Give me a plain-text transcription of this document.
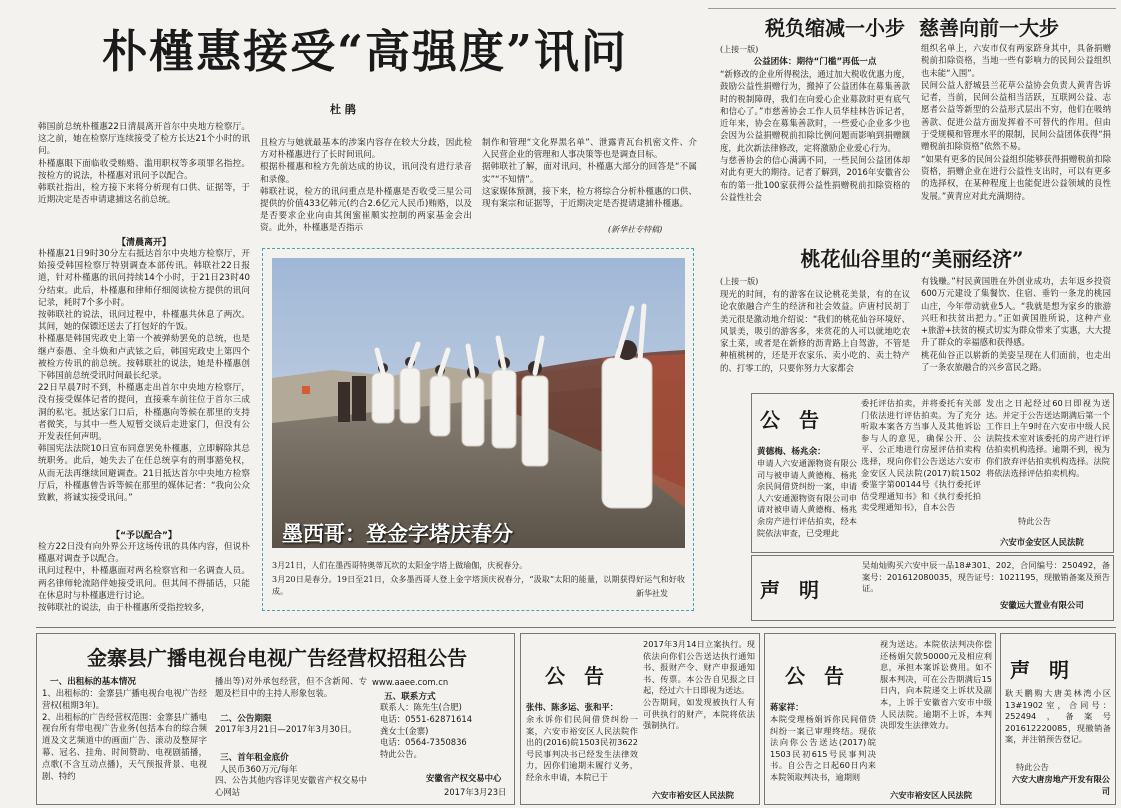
朴槿惠接受“高强度”讯问
杜 鹃
韩国前总统朴槿惠22日清晨离开首尔中央地方检察厅。这之前，她在检察厅连续接受了检方长达21个小时的讯问。
朴槿惠眼下面临收受贿赂、滥用职权等多项罪名指控。按检方的说法，朴槿惠对讯问予以配合。
韩联社指出，检方接下来将分析现有口供、证据等，于近期决定是否申请逮捕这名前总统。
【清晨离开】
朴槿惠21日9时30分左右抵达首尔中央地方检察厅，开始接受韩国检察厅特别调查本部传讯。韩联社22日报道，针对朴槿惠的讯问持续14个小时，于21日23时40分结束。此后，朴槿惠和律师仔细阅读检方提供的讯问记录，耗时7个多小时。
按韩联社的说法，讯问过程中，朴槿惠共休息了两次。其间，她的保镖还送去了打包好的午饭。
朴槿惠是韩国宪政史上第一个被弹劾罢免的总统，也是继卢泰愚、全斗焕和卢武铉之后，韩国宪政史上第四个被检方传讯的前总统。按韩联社的说法，她是朴槿惠创下韩国前总统受讯时间最长纪录。
22日早晨7时不到，朴槿惠走出首尔中央地方检察厅，没有接受媒体记者的提问，直接乘车前往位于首尔三成洞的私宅。抵达家门口后，朴槿惠向等候在那里的支持者微笑，与其中一些人短暂交谈后走进家门，但没有公开发表任何声明。
韩国宪法法院10日宣布同意罢免朴槿惠，立即解除其总统职务。此后，她失去了在任总统享有的刑事豁免权，从而无法再继续回避调查。21日抵达首尔中央地方检察厅后，朴槿惠曾告诉等候在那里的媒体记者：“我向公众致歉，将诚实接受讯问。”
【“予以配合”】
检方22日没有向外界公开这场传讯的具体内容，但说朴槿惠对调查予以配合。
讯问过程中，朴槿惠面对两名检察官和一名调查人员。两名律师轮流陪伴她接受讯问。但其间不得插话，只能在休息时与朴槿惠进行讨论。
按韩联社的说法，由于朴槿惠所受指控较多，
且检方与她就最基本的涉案内容存在较大分歧，因此检方对朴槿惠进行了长时间讯问。
根据朴槿惠和检方先前达成的协议，讯问没有进行录音和录像。
韩联社说，检方的讯问重点是朴槿惠是否收受三星公司提供的价值433亿韩元(约合2.6亿元人民币)贿赂，以及是否要求企业向由其闺蜜崔顺实控制的两家基金会出资。此外，朴槿惠是否指示
制作和管理“文化界黑名单”、泄露青瓦台机密文件、介入民营企业的管理和人事决策等也是调查目标。
据韩联社了解，面对讯问，朴槿惠大部分的回答是“不属实”“不知情”。
这家媒体预测，接下来，检方将综合分析朴槿惠的口供、现有案宗和证据等，于近期决定是否提请逮捕朴槿惠。
(新华社专特稿)
墨西哥：登金字塔庆春分
3月21日，人们在墨西哥特奥蒂瓦坎的太阳金字塔上做瑜伽，庆祝春分。
3月20日是春分。19日至21日，众多墨西哥人登上金字塔顶庆祝春分，“汲取”太阳的能量，以期获得好运气和好收成。	新华社发
税负缩减一小步  慈善向前一大步
(上接一版)
公益团体：期待“门槛”再低一点
“新修改的企业所得税法，通过加大税收优惠力度，鼓励公益性捐赠行为，搬掉了公益团体在募集善款时的税制障碍，我们在向爱心企业募款时更有底气和信心了。”市慈善协会工作人员华桂林告诉记者，近年来，协会在募集善款时，一些爱心企业多少也会因为公益捐赠税前扣除比例问题而影响到捐赠额度，此次新法律修改，定将激励企业爱心行为。
与慈善协会的信心满满不同，一些民间公益团体却对此有更大的期待。记者了解到，2016年安徽省公布的第一批100家获得公益性捐赠税前扣除资格的公益性社会
组织名单上，六安市仅有两家跻身其中，具备捐赠税前扣除资格，当地一些有影响力的民间公益组织也未能“入围”。
民间公益人舒城县兰花草公益协会负责人黄青告诉记者，当前，民间公益相当活跃，互联网公益、志愿者公益等新型的公益形式层出不穷，他们在吸纳善款、促进公益方面发挥着不可替代的作用。但由于受规模和管理水平的限制，民间公益团体获得“捐赠税前扣除资格”依然不易。
“如果有更多的民间公益组织能够获得捐赠税前扣除资格，捐赠企业在进行公益性支出时，可以有更多的选择权，在某种程度上也能促进公益领域的良性发展。”黄青应对此充满期待。
桃花仙谷里的“美丽经济”
(上接一版)
现光的时间，有的游客在议论桃花美景，有的在议论农旅融合产生的经济和社会效益。庐唐村民胡丁美元很是激动地介绍说：“我们的桃花仙谷环境好、风景美，吸引的游客多，来赏花的人可以就地吃农家土菜，或者是在新修的沥青路上自驾游，不管是种植桃树的，还是开农家乐、卖小吃的、卖土特产的、打零工的，只要你努力大家都会
有钱赚。”村民黄国胜在外创业成功，去年返乡投资600万元建设了集餐饮、住宿、垂钓一条龙的桃园山庄，今年带动就业5人。“我就是想为家乡的旅游兴旺和扶贫出把力。”正如黄国胜所说，这种产业+旅游+扶贫的模式切实为群众带来了实惠，大大提升了群众的幸福感和获得感。
桃花仙谷正以崭新的美姿呈现在人们面前，也走出了一条农旅融合的兴乡富民之路。
公 告
黄德梅、杨兆余：
申请人六安通源物资有限公司与被申请人黄德梅、杨兆余民间借贷纠纷一案，申请人六安通源物资有限公司申请对被申请人黄德梅、杨兆余房产进行评估拍卖，经本院依法审查，已受理此
委托评估拍卖，并将委托有关部门依法进行评估拍卖。为了充分听取本案各方当事人及其他诉讼参与人的意见，确保公开、公平、公正地进行房屋评估拍卖构选择，现向你们公告送达六安市金安区人民法院(2017)皖1502委鉴字第00144号《执行委托评估受理通知书》和《执行委托拍卖受理通知书》，自本公告
发出之日起经过60日即视为送达。并定于公告送达期满后第一个工作日上午9时在六安市中级人民法院技术室对该委托的房产进行评估拍卖机构选择。逾期不到，视为你们放弃评估拍卖机构选择。法院将依法选择评估拍卖机构。
特此公告
六安市金安区人民法院
声 明
吴灿灿购买六安中辰一品18#301、202，合同编号：250492，备案号：201612080035，现告证号：1021195，现撤销备案及预告证。
安徽远大置业有限公司
金寨县广播电视台电视广告经营权招租公告
一、出租标的基本情况
1、出租标的：金寨县广播电视台电视广告经营权(租期3年)。
2、出租标的广告经营权范围：金寨县广播电视台所有带电视广告业务(包括本台的综合频道及文艺频道中的画面广告、滚动及整屏字幕、冠名、挂角、时间赞助、电视剧插播，点歌(不含互动点播)，天气预报背景、电视剧、特约
播出等)对外承包经营，但不含新闻、专题及栏目中的主持人形象包装。
二、公告期限
2017年3月21日—2017年3月30日。
三、首年租金底价
人民币360万元/每年
四、公告其他内容详见安徽省产权交易中心网站
www.aaee.com.cn
五、联系方式
联系人：陈先生(合肥)
电话：0551-62871614
龚女士(金寨)
电话：0564-7350836
特此公告。
安徽省产权交易中心
2017年3月23日
公 告
张伟、陈多运、张和平：
余永诉你们民间借贷纠纷一案，六安市裕安区人民法院作出的(2016)皖1503民初3622号民事判决书已经发生法律效力，因你们逾期未履行义务，经余永申请，本院已于
2017年3月14日立案执行。现依法向你们公告送达执行通知书、报财产令、财产申报通知书、传票。本公告自见报之日起，经过六十日即视为送达。
公告期间，如发现被执行人有可供执行的财产，本院将依法强制执行。
六安市裕安区人民法院
公 告
蒋家祥：
本院受理杨娟诉你民间借贷纠纷一案已审理终结。现依法向你公告送达(2017)皖1503民初615号民事判决书。自公告之日起60日内来本院领取判决书，逾期则
视为送达。本院依法判决你偿还杨娟欠款50000元及相应利息，承担本案诉讼费用。如不服本判决，可在公告期满后15日内，向本院递交上诉状及副本，上诉于安徽省六安市中级人民法院。逾期不上诉，本判决即发生法律效力。
六安市裕安区人民法院
声 明
耿天鹏购大唐美林湾小区13#1902室，合同号：252494，备案号201612220085，现撤销备案，并注销预告登记。
特此公告
六安大唐房地产开发有限公司
